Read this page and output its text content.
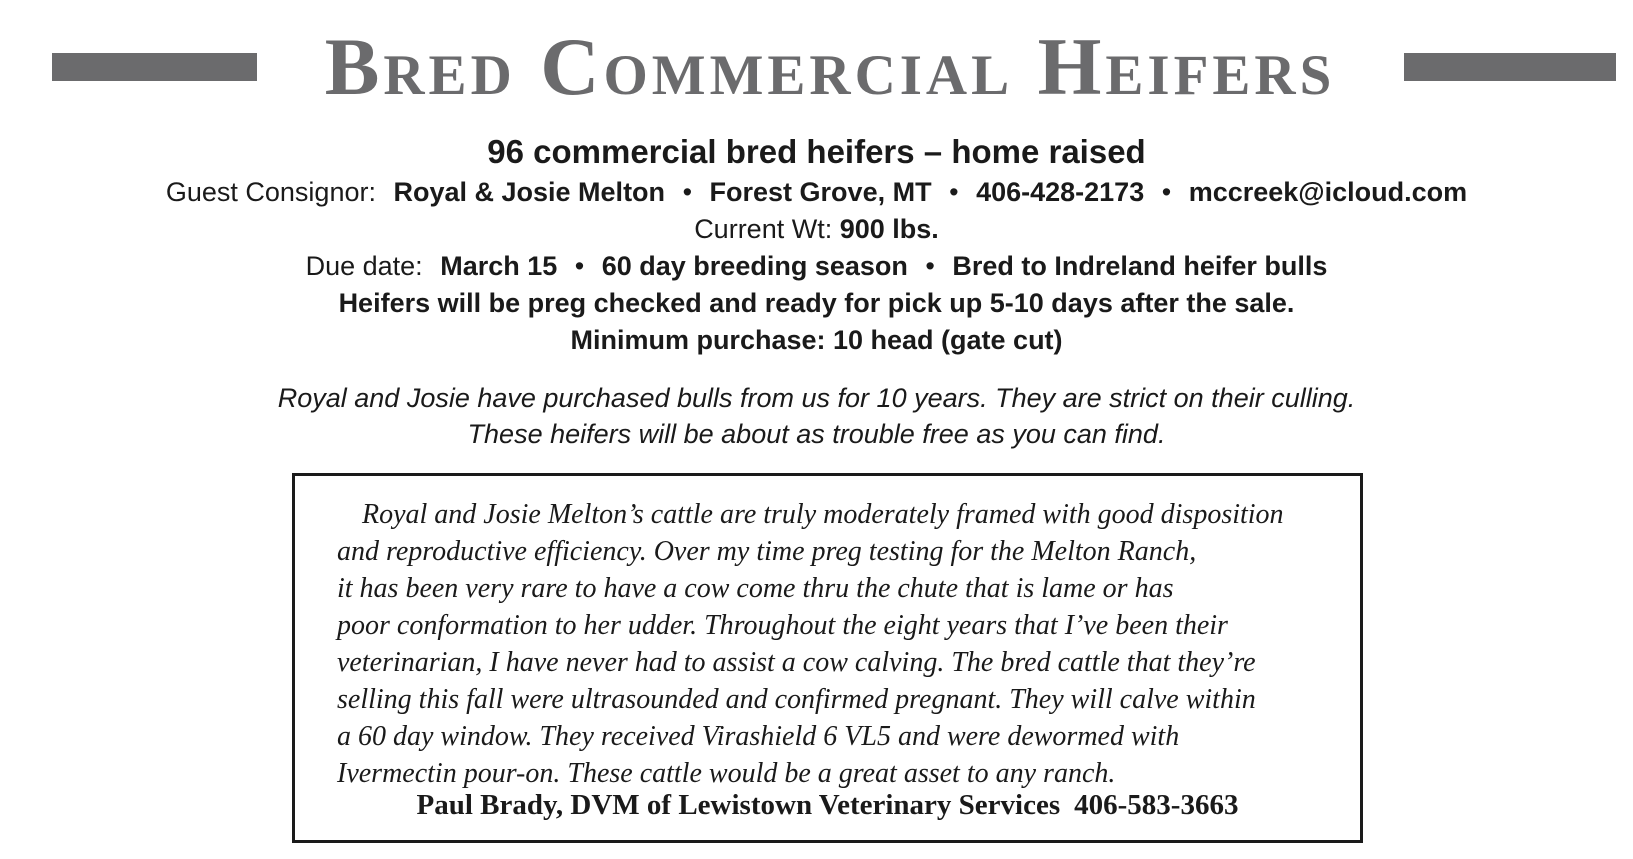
Bred Commercial Heifers
96 commercial bred heifers – home raised
Guest Consignor: Royal & Josie Melton • Forest Grove, MT • 406-428-2173 • mccreek@icloud.com
Current Wt: 900 lbs.
Due date: March 15 • 60 day breeding season • Bred to Indreland heifer bulls
Heifers will be preg checked and ready for pick up 5-10 days after the sale.
Minimum purchase: 10 head (gate cut)
Royal and Josie have purchased bulls from us for 10 years. They are strict on their culling.
These heifers will be about as trouble free as you can find.
Royal and Josie Melton’s cattle are truly moderately framed with good disposition
and reproductive efficiency. Over my time preg testing for the Melton Ranch,
it has been very rare to have a cow come thru the chute that is lame or has
poor conformation to her udder. Throughout the eight years that I’ve been their
veterinarian, I have never had to assist a cow calving. The bred cattle that they’re
selling this fall were ultrasounded and confirmed pregnant. They will calve within
a 60 day window. They received Virashield 6 VL5 and were dewormed with
Ivermectin pour-on. These cattle would be a great asset to any ranch.
Paul Brady, DVM of Lewistown Veterinary Services 406-583-3663
